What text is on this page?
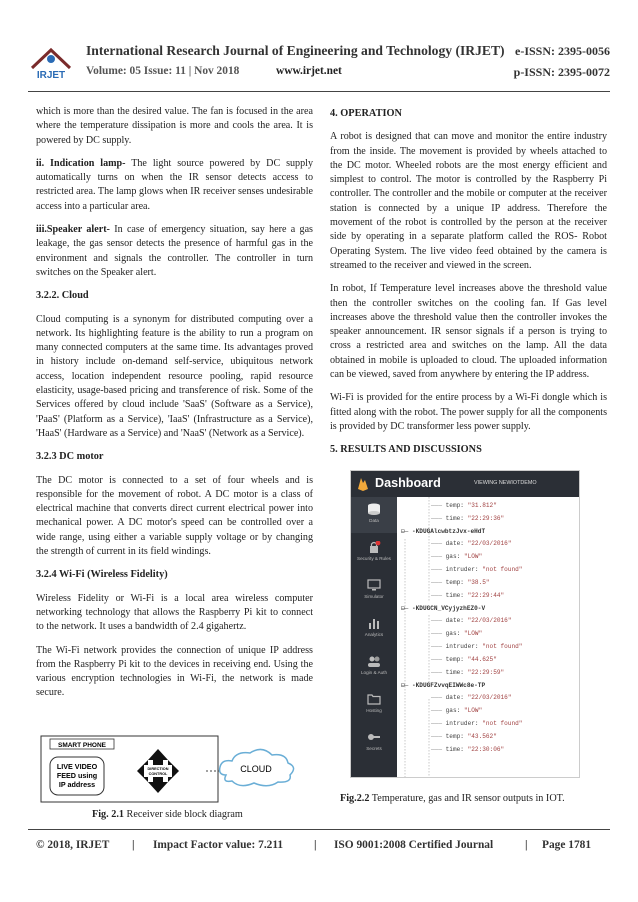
IRJET
International Research Journal of Engineering and Technology (IRJET) e-ISSN: 2395-0056
Volume: 05 Issue: 11 | Nov 2018	www.irjet.net	p-ISSN: 2395-0072

which is more than the desired value. The fan is focused in the area where the temperature dissipation is more and cools the area. It is powered by DC supply.

ii. Indication lamp- The light source powered by DC supply automatically turns on when the IR sensor detects access to restricted area. The lamp glows when IR receiver senses undesirable access into a particular area.

iii.Speaker alert- In case of emergency situation, say here a gas leakage, the gas sensor detects the presence of harmful gas in the environment and signals the controller. The controller in turn switches on the Speaker alert.

3.2.2. Cloud

Cloud computing is a synonym for distributed computing over a network. Its highlighting feature is the ability to run a program on many connected computers at the same time. Its advantages proved in history include on-demand self-service, ubiquitous network access, location independent resource pooling, rapid resource elasticity, usage-based pricing and transference of risk. Some of the Services offered by cloud include 'SaaS' (Software as a Service), 'PaaS' (Platform as a Service), 'IaaS' (Infrastructure as a Service), 'HaaS' (Hardware as a Service) and 'NaaS' (Network as a Service).

3.2.3 DC motor

The DC motor is connected to a set of four wheels and is responsible for the movement of robot. A DC motor is a class of electrical machine that converts direct current electrical power into mechanical power. A DC motor's speed can be controlled over a wide range, using either a variable supply voltage or by changing the strength of current in its field windings.

3.2.4 Wi-Fi (Wireless Fidelity)

Wireless Fidelity or Wi-Fi is a local area wireless computer networking technology that allows the Raspberry Pi kit to connect to the network. It uses a bandwidth of 2.4 gigahertz.

The Wi-Fi network provides the connection of unique IP address from the Raspberry Pi kit to the devices in receiving end. Using the various encryption technologies in Wi-Fi, the network is made secure.

SMART PHONE
LIVE VIDEO
FEED using
IP address
DIRECTION
CONTROL	CLOUD
Fig. 2.1 Receiver side block diagram
4. OPERATION

A robot is designed that can move and monitor the entire industry from the inside. The movement is provided by wheels attached to the DC motor. Wheeled robots are the most energy efficient and simplest to control. The motor is controlled by the Raspberry Pi controller. The controller and the mobile or computer at the receiver station is connected by a unique IP address. Therefore the movement of the robot is controlled by the person at the receiver side by operating in a separate platform called the ROS- Robot Operating System. The live video feed obtained by the camera is streamed to the receiver and viewed in the screen.

In robot, If Temperature level increases above the threshold value then the controller switches on the cooling fan. If Gas level increases above the threshold value then the controller invokes the speaker announcement. IR sensor signals if a person is trying to cross a restricted area and switches on the lamp. All the data obtained in mobile is uploaded to cloud. The uploaded information can be viewed, saved from anywhere by entering the IP address.

Wi-Fi is provided for the entire process by a Wi-Fi dongle which is fitted along with the robot. The power supply for all the components is provided by DC transformer less power supply.

5. RESULTS AND DISCUSSIONS
Dashboard	VIEWING NEWIOTDEMO
Data
Security & Rules
Simulator
Analytics
Login & Auth
Hosting
Secrets
─── temp: "31.812"
─── time: "22:29:36"
⊟─ -KDUGAlcwbtzJvx-eHdT
─── date: "22/03/2016"
─── gas: "LOW"
─── intruder: "not found"
─── temp: "38.5"
─── time: "22:29:44"
⊟─ -KDUGCN_VCyjyzhEZ0-V
─── date: "22/03/2016"
─── gas: "LOW"
─── intruder: "not found"
─── temp: "44.625"
─── time: "22:29:59"
⊟─ -KDUGFZvvqEIWWc8e-TP
─── date: "22/03/2016"
─── gas: "LOW"
─── intruder: "not found"
─── temp: "43.562"
─── time: "22:30:06"
Fig.2.2 Temperature, gas and IR sensor outputs in IOT.
© 2018, IRJET | Impact Factor value: 7.211	| ISO 9001:2008 Certified Journal	| Page 1781
